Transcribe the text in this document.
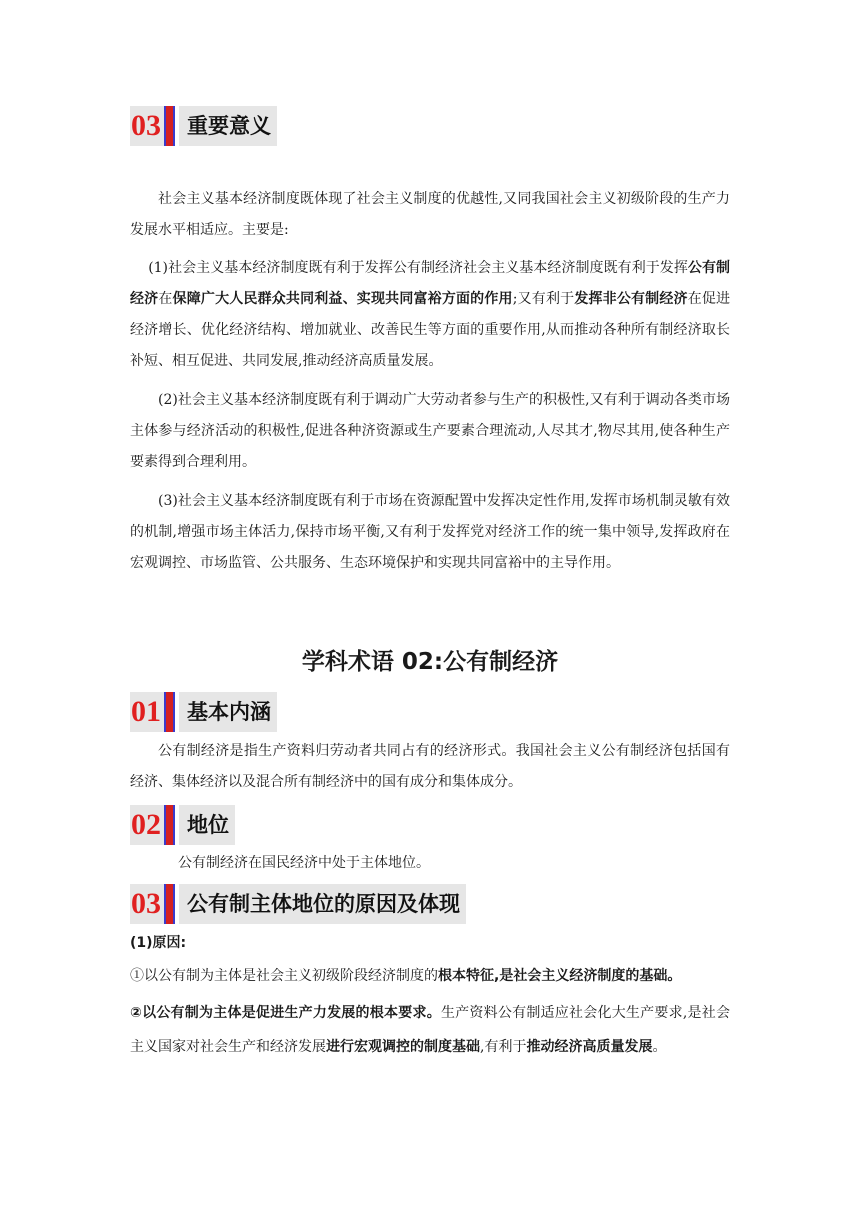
03	重要意义

社会主义基本经济制度既体现了社会主义制度的优越性,又同我国社会主义初级阶段的生产力发展水平相适应。主要是:

(1)社会主义基本经济制度既有利于发挥公有制经济社会主义基本经济制度既有利于发挥公有制经济在保障广大人民群众共同利益、实现共同富裕方面的作用;又有利于发挥非公有制经济在促进经济增长、优化经济结构、增加就业、改善民生等方面的重要作用,从而推动各种所有制经济取长补短、相互促进、共同发展,推动经济高质量发展。

(2)社会主义基本经济制度既有利于调动广大劳动者参与生产的积极性,又有利于调动各类市场主体参与经济活动的积极性,促进各种济资源或生产要素合理流动,人尽其才,物尽其用,使各种生产要素得到合理利用。

(3)社会主义基本经济制度既有利于市场在资源配置中发挥决定性作用,发挥市场机制灵敏有效的机制,增强市场主体活力,保持市场平衡,又有利于发挥党对经济工作的统一集中领导,发挥政府在宏观调控、市场监管、公共服务、生态环境保护和实现共同富裕中的主导作用。

学科术语 02:公有制经济
01	基本内涵

公有制经济是指生产资料归劳动者共同占有的经济形式。我国社会主义公有制经济包括国有经济、集体经济以及混合所有制经济中的国有成分和集体成分。

02	地位

公有制经济在国民经济中处于主体地位。

03	公有制主体地位的原因及体现

(1)原因:

①以公有制为主体是社会主义初级阶段经济制度的根本特征,是社会主义经济制度的基础。

②以公有制为主体是促进生产力发展的根本要求。生产资料公有制适应社会化大生产要求,是社会主义国家对社会生产和经济发展进行宏观调控的制度基础,有利于推动经济高质量发展。
